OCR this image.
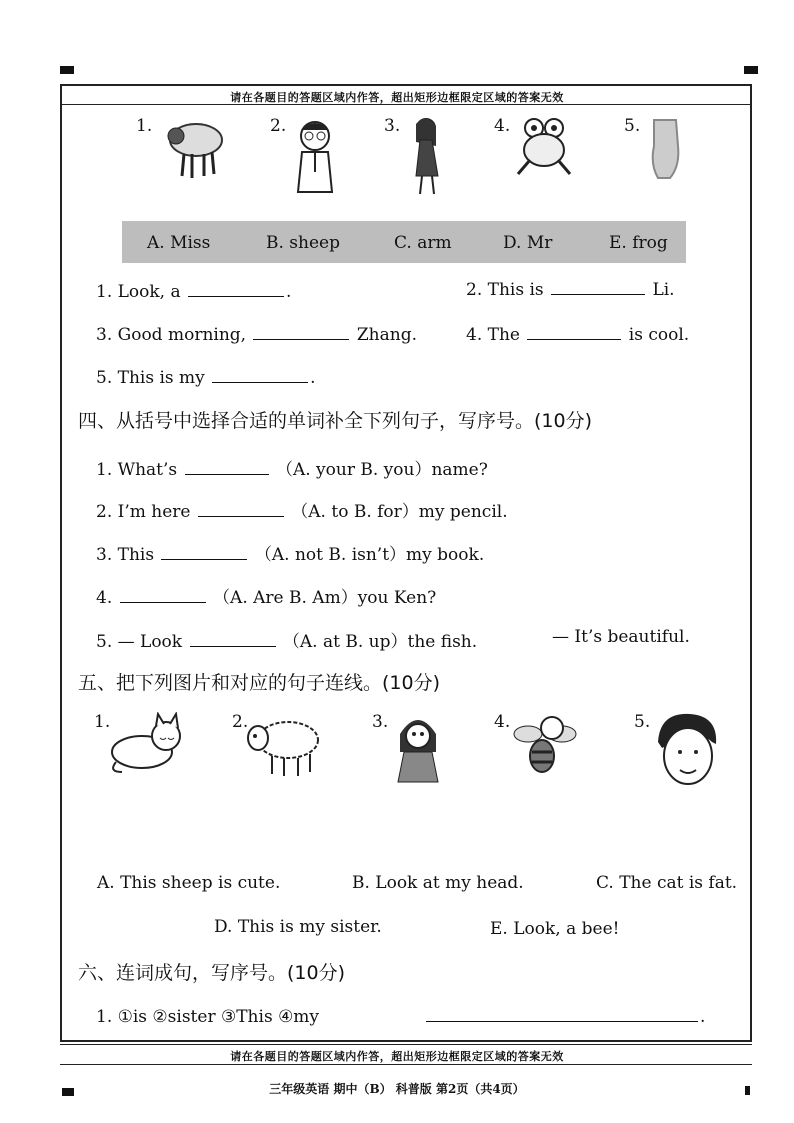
请在各题目的答题区域内作答，超出矩形边框限定区域的答案无效
1.	2.	3.	4.	5.
A. Miss	B. sheep	C. arm	D. Mr	E. frog
1. Look, a	.	2. This is	Li.
3. Good morning,	Zhang.	4. The	is cool.
5. This is my	.
四、从括号中选择合适的单词补全下列句子，写序号。(10分)
1. What’s	（A. your B. you）name?
2. I’m here	（A. to B. for）my pencil.
3. This	（A. not B. isn’t）my book.
4.	（A. Are B. Am）you Ken?
5. — Look	（A. at B. up）the fish.	— It’s beautiful.
五、把下列图片和对应的句子连线。(10分)
1.	2.	3.	4.	5.
A. This sheep is cute.	B. Look at my head.	C. The cat is fat.
D. This is my sister.	E. Look, a bee!
六、连词成句，写序号。(10分)
1. ①is ②sister ③This ④my	.
请在各题目的答题区域内作答，超出矩形边框限定区域的答案无效
三年级英语 期中（B） 科普版 第2页（共4页）
